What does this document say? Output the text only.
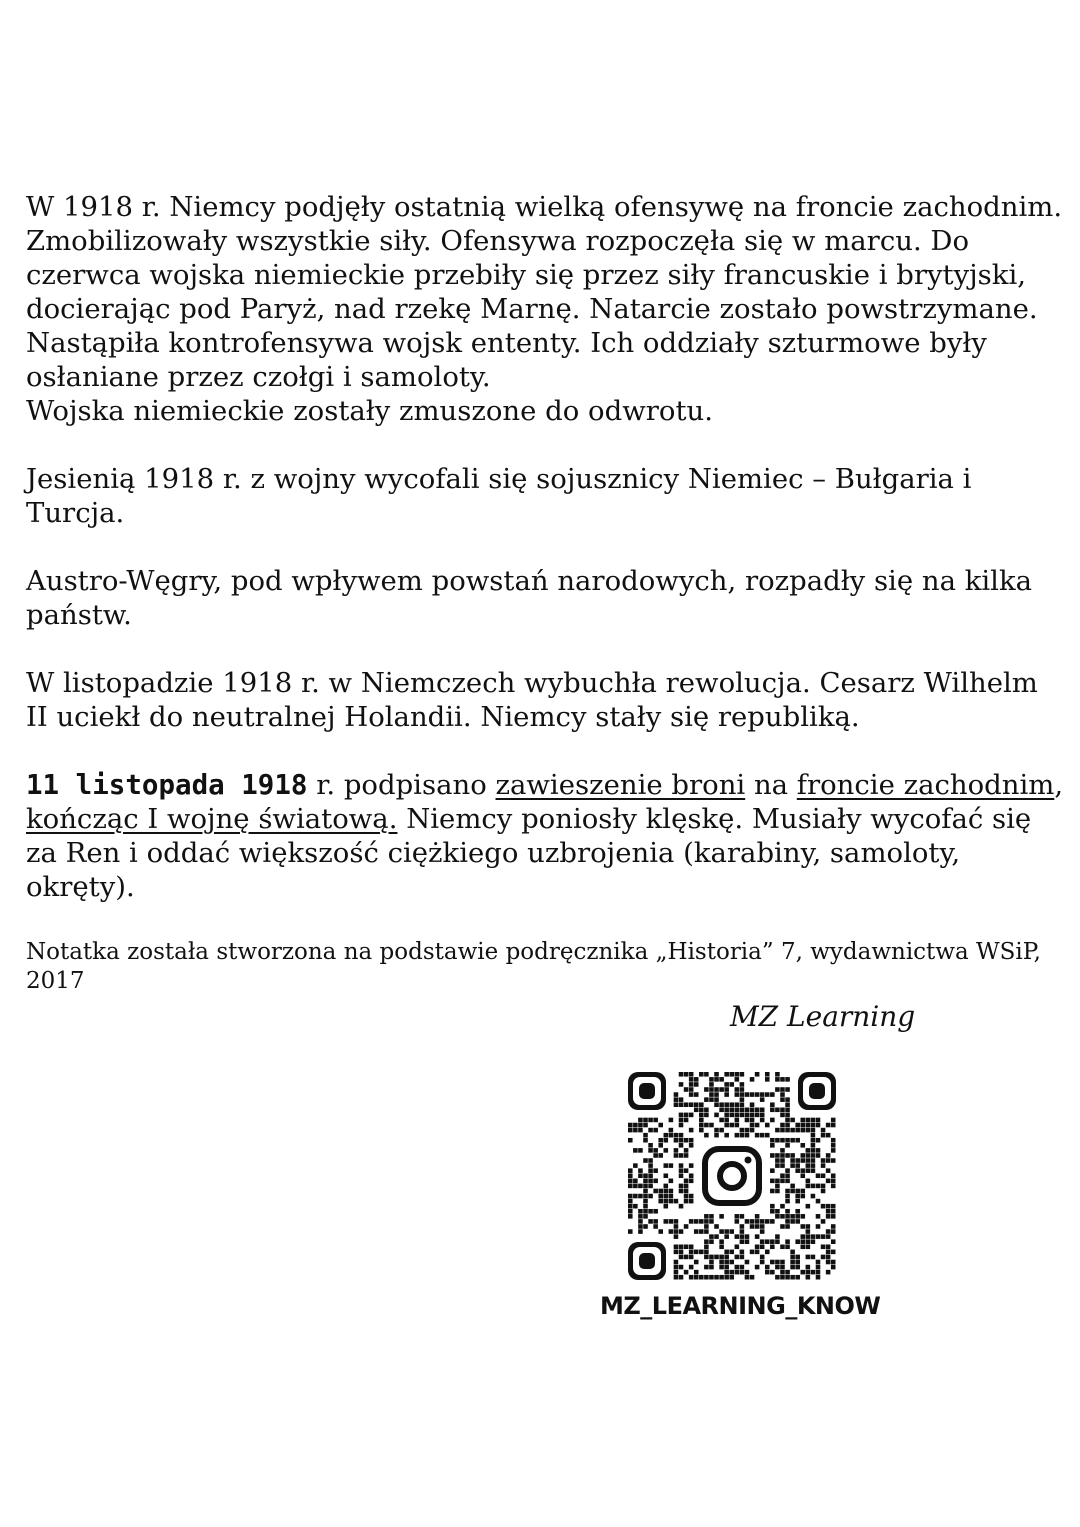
W 1918 r. Niemcy podjęły ostatnią wielką ofensywę na froncie zachodnim. Zmobilizowały wszystkie siły. Ofensywa rozpoczęła się w marcu. Do czerwca wojska niemieckie przebiły się przez siły francuskie i brytyjski, docierając pod Paryż, nad rzekę Marnę. Natarcie zostało powstrzymane. Nastąpiła kontrofensywa wojsk ententy. Ich oddziały szturmowe były osłaniane przez czołgi i samoloty.
Wojska niemieckie zostały zmuszone do odwrotu.

Jesienią 1918 r. z wojny wycofali się sojusznicy Niemiec – Bułgaria i Turcja.

Austro-Węgry, pod wpływem powstań narodowych, rozpadły się na kilka państw.

W listopadzie 1918 r. w Niemczech wybuchła rewolucja. Cesarz Wilhelm II uciekł do neutralnej Holandii. Niemcy stały się republiką.

11 listopada 1918 r. podpisano zawieszenie broni na froncie zachodnim, kończąc I wojnę światową. Niemcy poniosły klęskę. Musiały wycofać się za Ren i oddać większość ciężkiego uzbrojenia (karabiny, samoloty, okręty).

Notatka została stworzona na podstawie podręcznika „Historia” 7, wydawnictwa WSiP, 2017
MZ Learning
MZ_LEARNING_KNOW
